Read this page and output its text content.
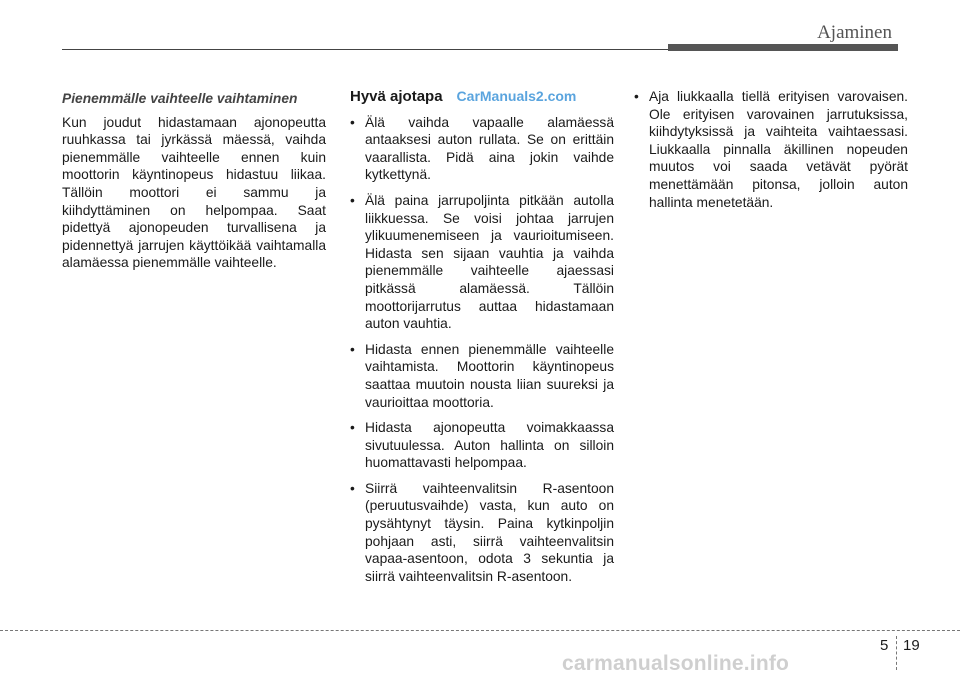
Ajaminen
Pienemmälle vaihteelle vaihtaminen

Kun joudut hidastamaan ajonopeutta ruuhkassa tai jyrkässä mäessä, vaihda pienemmälle vaihteelle ennen kuin moottorin käyntinopeus hidastuu liikaa. Tällöin moottori ei sammu ja kiihdyttäminen on helpompaa. Saat pidettyä ajonopeuden turvallisena ja pidennettyä jarrujen käyttöikää vaihtamalla alamäessa pienemmälle vaihteelle.

Hyvä ajotapa CarManuals2.com
• Älä vaihda vapaalle alamäessä antaaksesi auton rullata. Se on erittäin vaarallista. Pidä aina jokin vaihde kytkettynä.
• Älä paina jarrupoljinta pitkään autolla liikkuessa. Se voisi johtaa jarrujen ylikuumenemiseen ja vaurioitumiseen. Hidasta sen sijaan vauhtia ja vaihda pienemmälle vaihteelle ajaessasi pitkässä alamäessä. Tällöin moottorijarrutus auttaa hidastamaan auton vauhtia.
• Hidasta ennen pienemmälle vaihteelle vaihtamista. Moottorin käyntinopeus saattaa muutoin nousta liian suureksi ja vaurioittaa moottoria.
• Hidasta ajonopeutta voimakkaassa sivutuulessa. Auton hallinta on silloin huomattavasti helpompaa.
• Siirrä vaihteenvalitsin R-asentoon (peruutusvaihde) vasta, kun auto on pysähtynyt täysin. Paina kytkinpoljin pohjaan asti, siirrä vaihteenvalitsin vapaa-asentoon, odota 3 sekuntia ja siirrä vaihteenvalitsin R-asentoon.
• Aja liukkaalla tiellä erityisen varovaisen. Ole erityisen varovainen jarrutuksissa, kiihdytyksissä ja vaihteita vaihtaessasi. Liukkaalla pinnalla äkillinen nopeuden muutos voi saada vetävät pyörät menettämään pitonsa, jolloin auton hallinta menetetään.
5 19
carmanualsonline.info
